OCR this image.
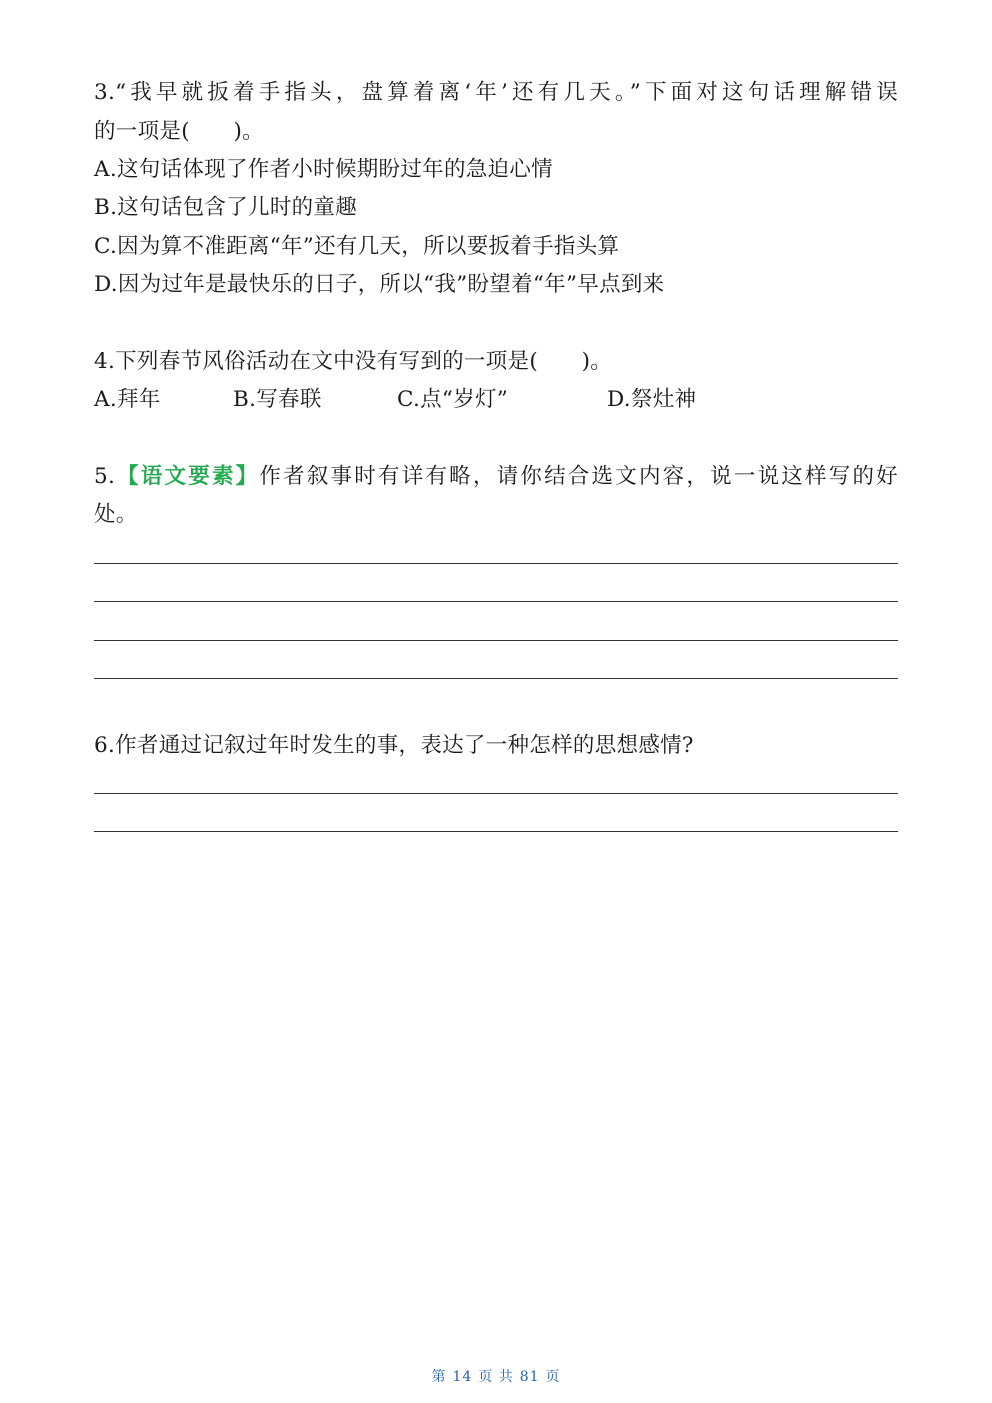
3.“我早就扳着手指头，盘算着离‘年’还有几天。”下面对这句话理解错误
的一项是(　　)。
A.这句话体现了作者小时候期盼过年的急迫心情
B.这句话包含了儿时的童趣
C.因为算不准距离“年”还有几天，所以要扳着手指头算
D.因为过年是最快乐的日子，所以“我”盼望着“年”早点到来
4.下列春节风俗活动在文中没有写到的一项是(　　)。
A.拜年	B.写春联	C.点“岁灯”	D.祭灶神
5.【语文要素】作者叙事时有详有略，请你结合选文内容，说一说这样写的好
处。
6.作者通过记叙过年时发生的事，表达了一种怎样的思想感情?
第 14 页 共 81 页
